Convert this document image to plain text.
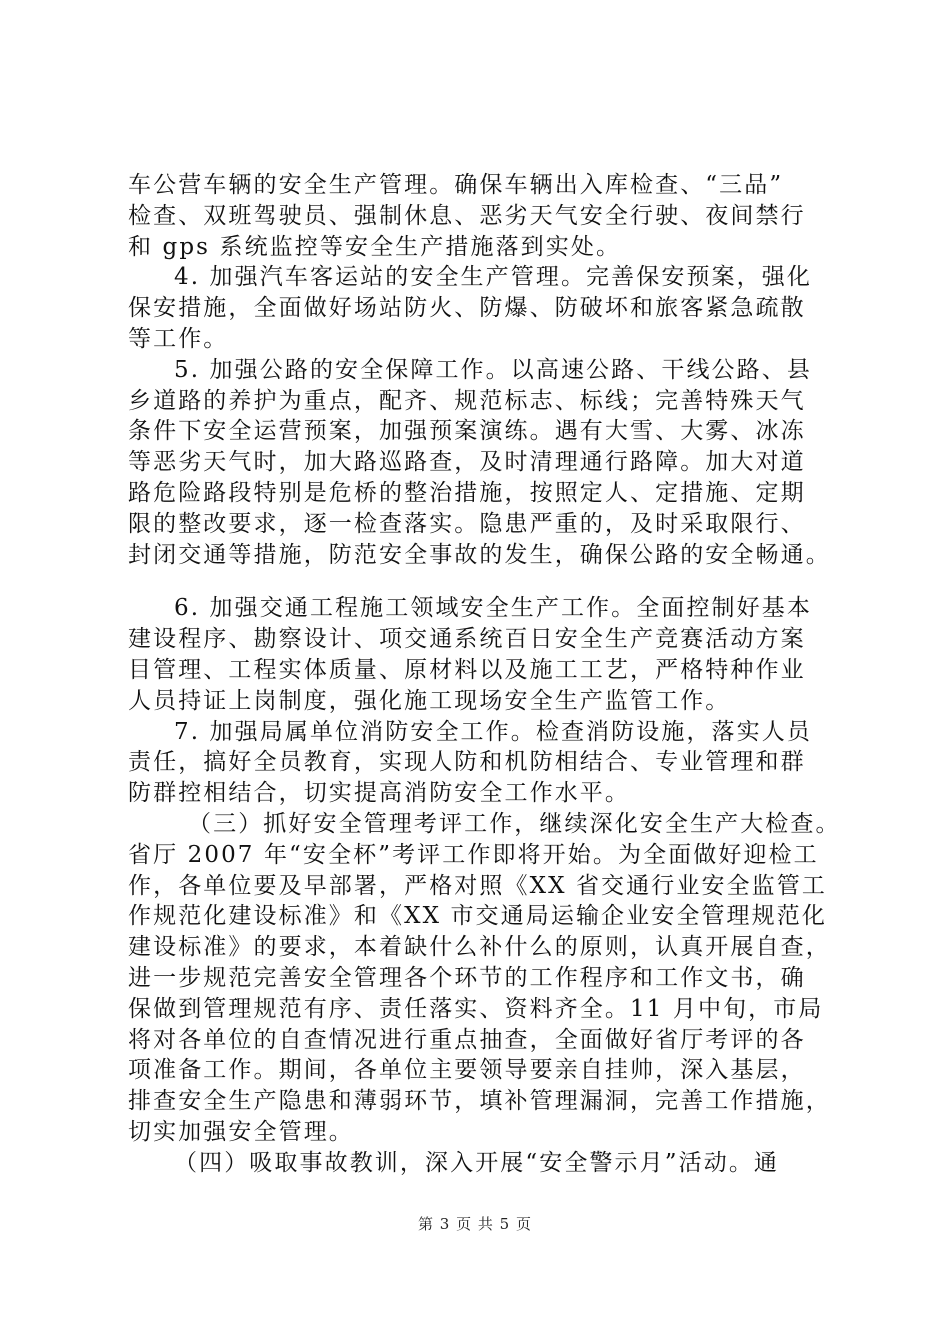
车公营车辆的安全生产管理。确保车辆出入库检查、“三品”
检查、双班驾驶员、强制休息、恶劣天气安全行驶、夜间禁行
和 gps 系统监控等安全生产措施落到实处。
4. 加强汽车客运站的安全生产管理。完善保安预案，强化
保安措施，全面做好场站防火、防爆、防破坏和旅客紧急疏散
等工作。
5. 加强公路的安全保障工作。以高速公路、干线公路、县
乡道路的养护为重点，配齐、规范标志、标线；完善特殊天气
条件下安全运营预案，加强预案演练。遇有大雪、大雾、冰冻
等恶劣天气时，加大路巡路查，及时清理通行路障。加大对道
路危险路段特别是危桥的整治措施，按照定人、定措施、定期
限的整改要求，逐一检查落实。隐患严重的，及时采取限行、
封闭交通等措施，防范安全事故的发生，确保公路的安全畅通。
6. 加强交通工程施工领域安全生产工作。全面控制好基本
建设程序、勘察设计、项交通系统百日安全生产竞赛活动方案
目管理、工程实体质量、原材料以及施工工艺，严格特种作业
人员持证上岗制度，强化施工现场安全生产监管工作。
7. 加强局属单位消防安全工作。检查消防设施，落实人员
责任，搞好全员教育，实现人防和机防相结合、专业管理和群
防群控相结合，切实提高消防安全工作水平。
（三）抓好安全管理考评工作，继续深化安全生产大检查。
省厅 2007 年“安全杯”考评工作即将开始。为全面做好迎检工
作，各单位要及早部署，严格对照《XX 省交通行业安全监管工
作规范化建设标准》和《XX 市交通局运输企业安全管理规范化
建设标准》的要求，本着缺什么补什么的原则，认真开展自查，
进一步规范完善安全管理各个环节的工作程序和工作文书，确
保做到管理规范有序、责任落实、资料齐全。11 月中旬，市局
将对各单位的自查情况进行重点抽查，全面做好省厅考评的各
项准备工作。期间，各单位主要领导要亲自挂帅，深入基层，
排查安全生产隐患和薄弱环节，填补管理漏洞，完善工作措施，
切实加强安全管理。
（四）吸取事故教训，深入开展“安全警示月”活动。通
第 3 页 共 5 页
